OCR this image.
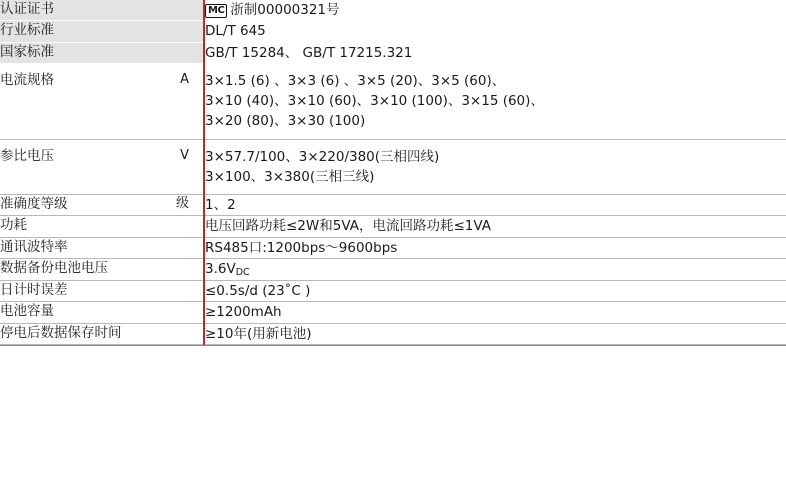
认证证书	MC 浙制00000321号

行业标准	DL/T 645

国家标准	GB/T 15284、 GB/T 17215.321

电流规格	A	3×1.5 (6) 、3×3 (6) 、3×5 (20)、3×5 (60)、
3×10 (40)、3×10 (60)、3×10 (100)、3×15 (60)、
3×20 (80)、3×30 (100)

参比电压	V	3×57.7/100、3×220/380(三相四线)
3×100、3×380(三相三线)

准确度等级 级	1、2

功耗	电压回路功耗≤2W和5VA，电流回路功耗≤1VA

通讯波特率	RS485口:1200bps～9600bps

数据备份电池电压	$3.6V_{DC}$

日计时误差	≤0.5s/d (23˚C )

电池容量	≥1200mAh

停电后数据保存时间	≥10年(用新电池)
